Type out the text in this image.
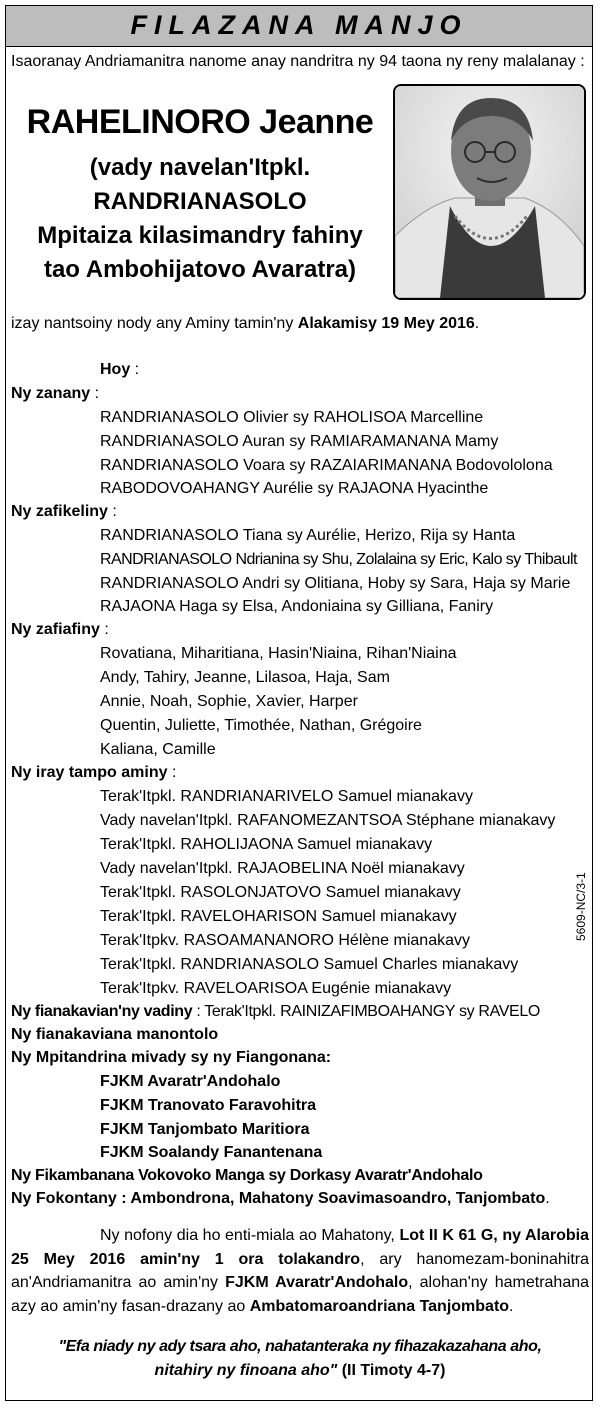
FILAZANA MANJO
Isaoranay Andriamanitra nanome anay nandritra ny 94 taona ny reny malalanay :
RAHELINORO Jeanne
(vady navelan'Itpkl.
RANDRIANASOLO
Mpitaiza kilasimandry fahiny
tao Ambohijatovo Avaratra)
izay nantsoiny nody any Aminy tamin'ny Alakamisy 19 Mey 2016.
Hoy :
Ny zanany :
RANDRIANASOLO Olivier sy RAHOLISOA Marcelline
RANDRIANASOLO Auran sy RAMIARAMANANA Mamy
RANDRIANASOLO Voara sy RAZAIARIMANANA Bodovololona
RABODOVOAHANGY Aurélie sy RAJAONA Hyacinthe
Ny zafikeliny :
RANDRIANASOLO Tiana sy Aurélie, Herizo, Rija sy Hanta
RANDRIANASOLO Ndrianina sy Shu, Zolalaina sy Eric, Kalo sy Thibault
RANDRIANASOLO Andri sy Olitiana, Hoby sy Sara, Haja sy Marie
RAJAONA Haga sy Elsa, Andoniaina sy Gilliana, Faniry
Ny zafiafiny :
Rovatiana, Miharitiana, Hasin'Niaina, Rihan'Niaina
Andy, Tahiry, Jeanne, Lilasoa, Haja, Sam
Annie, Noah, Sophie, Xavier, Harper
Quentin, Juliette, Timothée, Nathan, Grégoire
Kaliana, Camille
Ny iray tampo aminy :
Terak'Itpkl. RANDRIANARIVELO Samuel mianakavy
Vady navelan'Itpkl. RAFANOMEZANTSOA Stéphane mianakavy
Terak'Itpkl. RAHOLIJAONA Samuel mianakavy
Vady navelan'Itpkl. RAJAOBELINA Noël mianakavy
Terak'Itpkl. RASOLONJATOVO Samuel mianakavy
Terak'Itpkl. RAVELOHARISON Samuel mianakavy
Terak'Itpkv. RASOAMANANORO Hélène mianakavy
Terak'Itpkl. RANDRIANASOLO Samuel Charles mianakavy
Terak'Itpkv. RAVELOARISOA Eugénie mianakavy
Ny fianakavian'ny vadiny : Terak'Itpkl. RAINIZAFIMBOAHANGY sy RAVELO
Ny fianakaviana manontolo
Ny Mpitandrina mivady sy ny Fiangonana:
FJKM Avaratr'Andohalo
FJKM Tranovato Faravohitra
FJKM Tanjombato Maritiora
FJKM Soalandy Fanantenana
Ny Fikambanana Vokovoko Manga sy Dorkasy Avaratr'Andohalo
Ny Fokontany : Ambondrona, Mahatony Soavimasoandro, Tanjombato.
Ny nofony dia ho enti-miala ao Mahatony, Lot II K 61 G, ny Alarobia 25 Mey 2016 amin'ny 1 ora tolakandro, ary hanomezam-boninahitra an'Andriamanitra ao amin'ny FJKM Avaratr'Andohalo, alohan'ny hametrahana azy ao amin'ny fasan-drazany ao Ambatomaroandriana Tanjombato.
"Efa niady ny ady tsara aho, nahatanteraka ny fihazakazahana aho,
nitahiry ny finoana aho" (II Timoty 4-7)
5609-NC/3-1
